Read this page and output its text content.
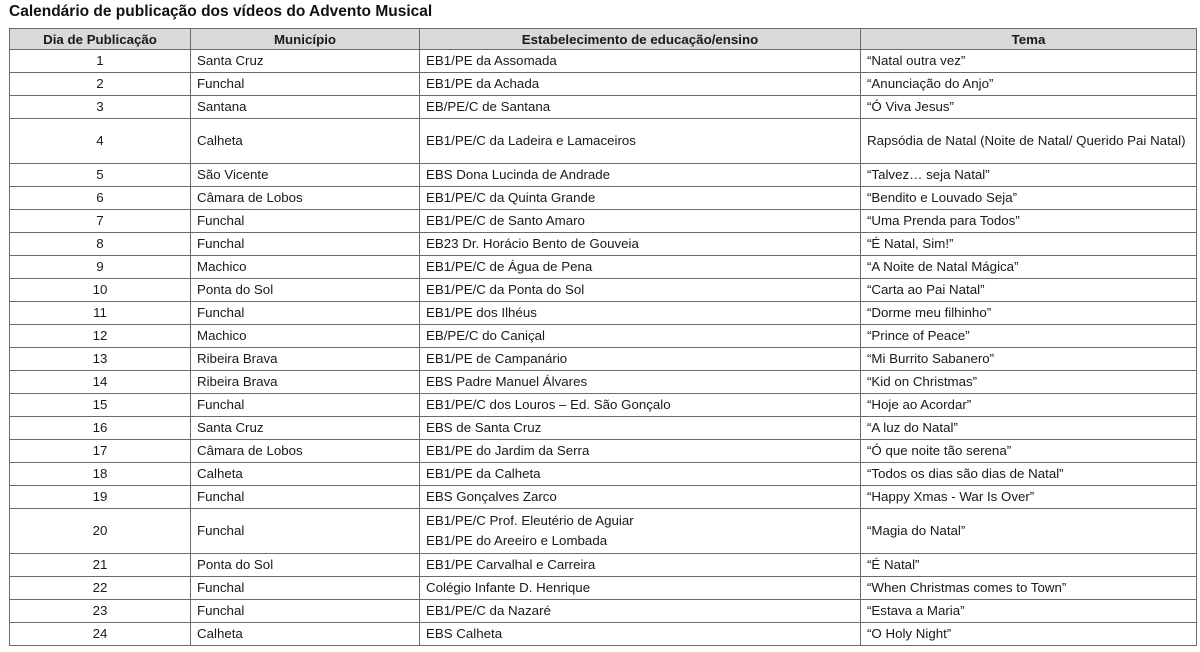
Calendário de publicação dos vídeos do Advento Musical
Dia de Publicação	Município	Estabelecimento de educação/ensino	Tema
1	Santa Cruz	EB1/PE da Assomada	“Natal outra vez”
2	Funchal	EB1/PE da Achada	“Anunciação do Anjo”
3	Santana	EB/PE/C de Santana	“Ó Viva Jesus”
4	Calheta	EB1/PE/C da Ladeira e Lamaceiros	Rapsódia de Natal (Noite de Natal/ Querido Pai Natal)
5	São Vicente	EBS Dona Lucinda de Andrade	“Talvez… seja Natal”
6	Câmara de Lobos	EB1/PE/C da Quinta Grande	“Bendito e Louvado Seja”
7	Funchal	EB1/PE/C de Santo Amaro	“Uma Prenda para Todos”
8	Funchal	EB23 Dr. Horácio Bento de Gouveia	“É Natal, Sim!”
9	Machico	EB1/PE/C de Água de Pena	“A Noite de Natal Mágica”
10	Ponta do Sol	EB1/PE/C da Ponta do Sol	“Carta ao Pai Natal”
11	Funchal	EB1/PE dos Ilhéus	“Dorme meu filhinho”
12	Machico	EB/PE/C do Caniçal	“Prince of Peace”
13	Ribeira Brava	EB1/PE de Campanário	“Mi Burrito Sabanero”
14	Ribeira Brava	EBS Padre Manuel Álvares	“Kid on Christmas”
15	Funchal	EB1/PE/C dos Louros – Ed. São Gonçalo	“Hoje ao Acordar”
16	Santa Cruz	EBS de Santa Cruz	“A luz do Natal”
17	Câmara de Lobos	EB1/PE do Jardim da Serra	“Ó que noite tão serena”
18	Calheta	EB1/PE da Calheta	“Todos os dias são dias de Natal”
19	Funchal	EBS Gonçalves Zarco	“Happy Xmas - War Is Over”
20	Funchal	EB1/PE/C Prof. Eleutério de Aguiar
EB1/PE do Areeiro e Lombada	“Magia do Natal”
21	Ponta do Sol	EB1/PE Carvalhal e Carreira	“É Natal”
22	Funchal	Colégio Infante D. Henrique	“When Christmas comes to Town”
23	Funchal	EB1/PE/C da Nazaré	“Estava a Maria”
24	Calheta	EBS Calheta	“O Holy Night”
